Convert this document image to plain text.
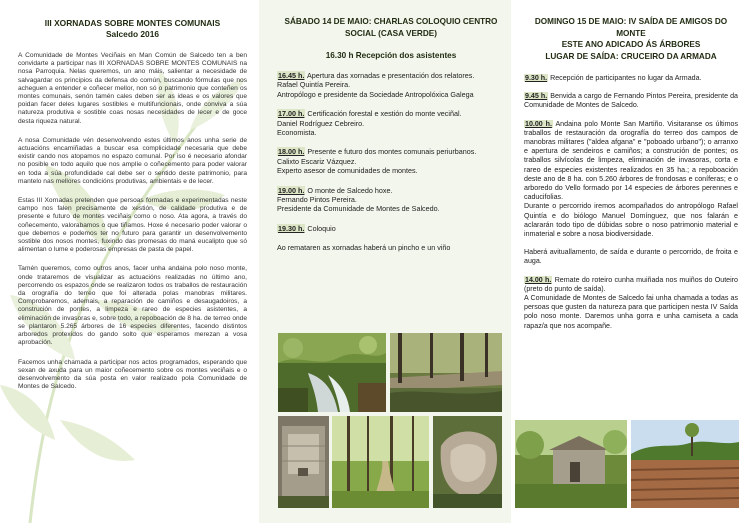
III XORNADAS SOBRE MONTES COMUNAIS
Salcedo 2016

A Comunidade de Montes Veciñais en Man Común de Salcedo ten a ben convidarte a participar nas III XORNADAS SOBRE MONTES COMUNAIS na nosa Parroquia. Nelas queremos, un ano máis, salientar a necesidade de salvagardar os principios da defensa do común, buscando fórmulas que nos acheguen a entender e coñecer mellor, non só o patrimonio que conteñen os montes comunais, senón tamén cales deben ser as ideas e os valores que poidan facer deles lugares sostibles e multifuncionais, onde conviva a súa natureza produtiva e sostible coas nosas necesidades de lecer e de goce desta riqueza natural.

A nosa Comunidade vén desenvolvendo estes últimos anos unha serie de actuacións encamiñadas a buscar esa complicidade necesaria que debe existir cando nos atopamos no espazo comunal. Por iso é necesario afondar no posible en todo aquilo que nos amplíe o coñecemento para poder valorar en toda a súa profundidade cal debe ser o sentido deste patrimonio, para mantelo nas mellores condicións produtivas, ambientais e de lecer.

Estas III Xornadas pretenden que persoas formadas e experimentadas neste campo nos falen precisamente de xestión, de calidade produtiva e de presente e futuro de montes veciñais como o noso. Ata agora, a través do coñecemento, valorabamos o que tiñamos. Hoxe é necesario poder valorar o que debemos e podemos ter no futuro para garantir un desenvolvemento sostible dos nosos montes, fuxindo das promesas do maná eucalipto que só alimentan o lume e poderosas empresas de pasta de papel.

Tamén queremos, como outros anos, facer unha andaina polo noso monte, onde trataremos de visualizar as actuacións realizadas no último ano, percorrendo os espazos onde se realizaron todos os traballos de restauración da orografía do terreo que foi alterada polas manobras militares. Comprobaremos, ademais, a reparación de camiños e desaugadoiros, a construción de pontes, a limpeza e rareo de especies asistentes, a eliminación de invasoras e, sobre todo, a repoboación de 8 ha. de terreo onde se plantaron 5.265 árbores de 16 especies diferentes, facendo distintos arboredos protexidos do gando solto que esperamos merezan a vosa aprobación.

Facemos unha chamada a participar nos actos programados, esperando que sexan de axuda para un maior coñecemento sobre os montes veciñais e o desenvolvemento da súa posta en valor realizado pola Comunidade de Montes de Salcedo.

SÁBADO 14 DE MAIO: CHARLAS COLOQUIO CENTRO
SOCIAL (CASA VERDE)
16.30 h Recepción dos asistentes
16.45 h. Apertura das xornadas e presentación dos relatores.
Rafael Quintía Pereira.
Antropólogo e presidente da Sociedade Antropolóxica Galega
17.00 h. Certificación forestal e xestión do monte veciñal.
Daniel Rodríguez Cebreiro.
Economista.
18.00 h. Presente e futuro dos montes comunais periurbanos.
Calixto Escariz Vázquez.
Experto asesor de comunidades de montes.
19.00 h. O monte de Salcedo hoxe.
Fernando Pintos Pereira.
Presidente da Comunidade de Montes de Salcedo.
19.30 h. Coloquio
Ao remataren as xornadas haberá un pincho e un viño
DOMINGO 15 DE MAIO: IV SAÍDA DE AMIGOS DO
MONTE
ESTE ANO ADICADO ÁS ÁRBORES
LUGAR DE SAÍDA: CRUCEIRO DA ARMADA

9.30 h. Recepción de participantes no lugar da Armada.

9.45 h. Benvida a cargo de Fernando Pintos Pereira, presidente da Comunidade de Montes de Salcedo.

10.00 h. Andaina polo Monte San Martiño. Visitaranse os últimos traballos de restauración da orografía do terreo dos campos de manobras militares ("aldea afgana" e "poboado urbano"); o arranxo e apertura de sendeiros e camiños; a construción de pontes; os traballos silvícolas de limpeza, eliminación de invasoras, corta e rareo de especies existentes realizados en 35 ha.; a repoboación deste ano de 8 ha. con 5.260 árbores de frondosas e coníferas; e o arboredo do Vello formado por 14 especies de árbores perennes e caducifolias.

Durante o percorrido iremos acompañados do antropólogo Rafael Quintía e do biólogo Manuel Domínguez, que nos falarán e aclararán todo tipo de dúbidas sobre o noso patrimonio material e inmaterial e sobre a nosa biodiversidade.

Haberá avituallamento, de saída e durante o percorrido, de froita e auga.

14.00 h. Remate do roteiro cunha muiñada nos muiños do Outeiro (preto do punto de saída).

A Comunidade de Montes de Salcedo fai unha chamada a todas as persoas que gusten da natureza para que participen nesta IV Saída polo noso monte. Daremos unha gorra e unha camiseta a cada rapaz/a que nos acompañe.
